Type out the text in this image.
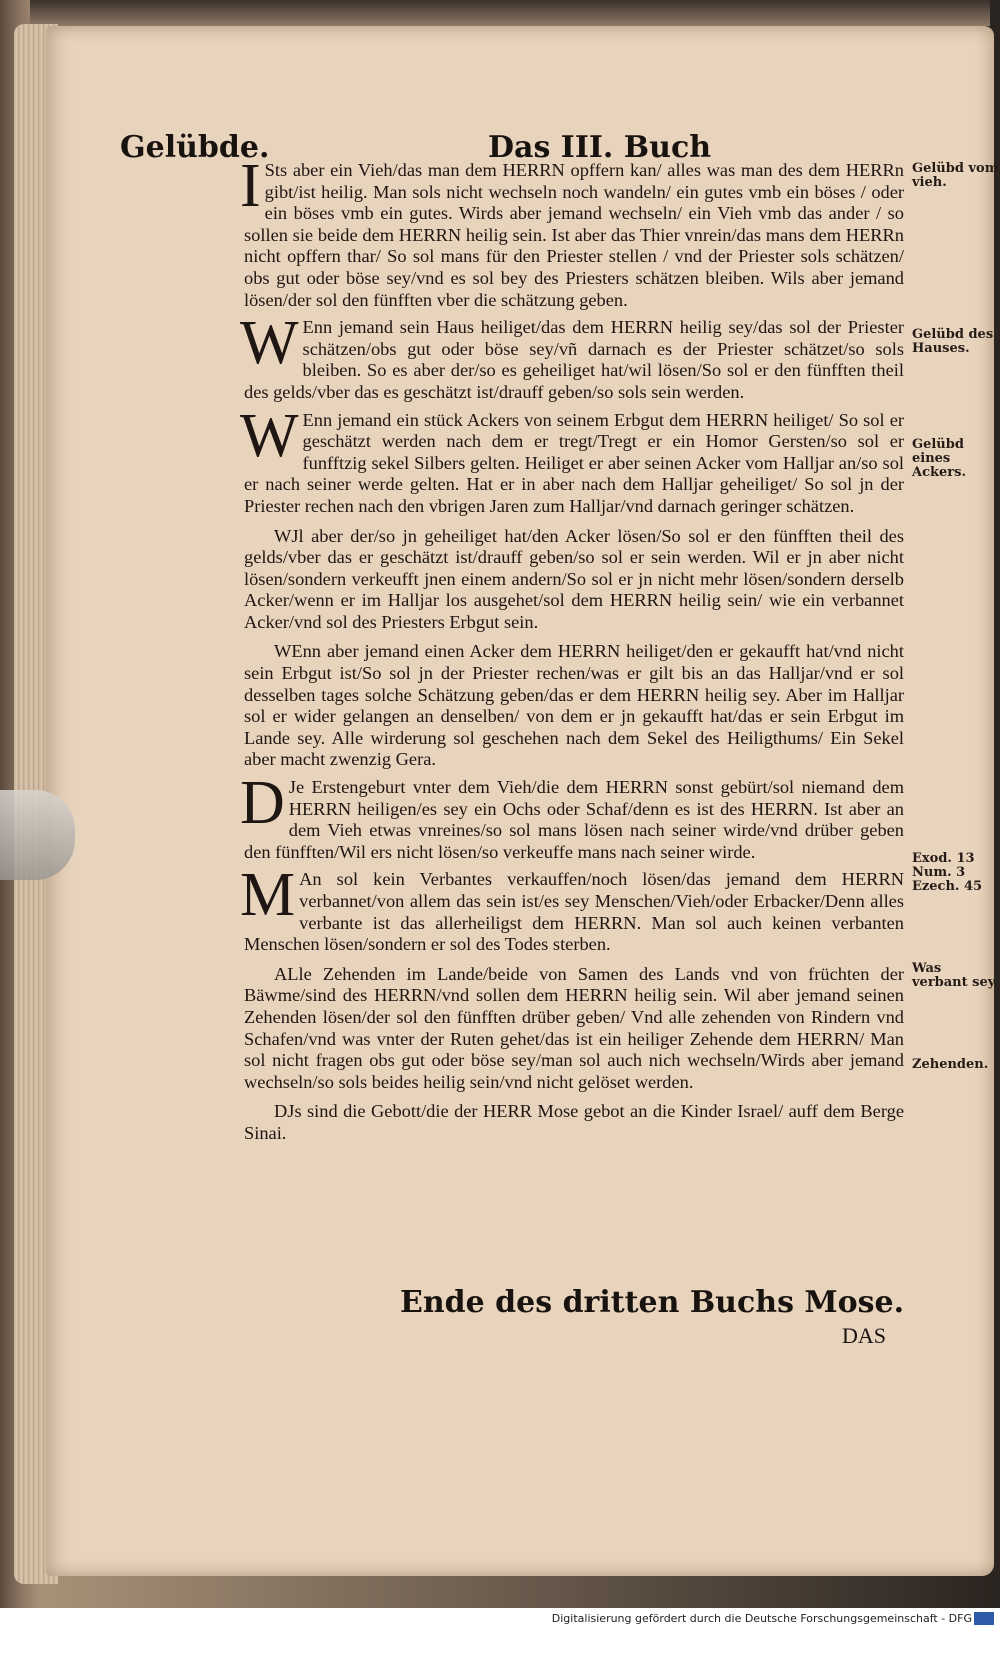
Gelübde.	Das III. Buch

I Sts aber ein Vieh/das man dem HERRN opffern kan/ alles was man des dem HERRn gibt/ist heilig. Man sols nicht wechseln noch wandeln/ ein gutes vmb ein böses / oder ein böses vmb ein gutes. Wirds aber jemand wechseln/ ein Vieh vmb das ander / so sollen sie beide dem HERRN heilig sein. Ist aber das Thier vnrein/das mans dem HERRn nicht opffern thar/ So sol mans für den Priester stellen / vnd der Priester sols schätzen/ obs gut oder böse sey/vnd es sol bey des Priesters schätzen bleiben. Wils aber jemand lösen/der sol den fünfften vber die schätzung geben.

W Enn jemand sein Haus heiliget/das dem HERRN heilig sey/das sol der Priester schätzen/obs gut oder böse sey/vñ darnach es der Priester schätzet/so sols bleiben. So es aber der/so es geheiliget hat/wil lösen/So sol er den fünfften theil des gelds/vber das es geschätzt ist/drauff geben/so sols sein werden.

W Enn jemand ein stück Ackers von seinem Erbgut dem HERRN heiliget/ So sol er geschätzt werden nach dem er tregt/Tregt er ein Homor Gersten/so sol er funfftzig sekel Silbers gelten. Heiliget er aber seinen Acker vom Halljar an/so sol er nach seiner werde gelten. Hat er in aber nach dem Halljar geheiliget/ So sol jn der Priester rechen nach den vbrigen Jaren zum Halljar/vnd darnach geringer schätzen.

WJl aber der/so jn geheiliget hat/den Acker lösen/So sol er den fünfften theil des gelds/vber das er geschätzt ist/drauff geben/so sol er sein werden. Wil er jn aber nicht lösen/sondern verkeufft jnen einem andern/So sol er jn nicht mehr lösen/sondern derselb Acker/wenn er im Halljar los ausgehet/sol dem HERRN heilig sein/ wie ein verbannet Acker/vnd sol des Priesters Erbgut sein.

WEnn aber jemand einen Acker dem HERRN heiliget/den er gekaufft hat/vnd nicht sein Erbgut ist/So sol jn der Priester rechen/was er gilt bis an das Halljar/vnd er sol desselben tages solche Schätzung geben/das er dem HERRN heilig sey. Aber im Halljar sol er wider gelangen an denselben/ von dem er jn gekaufft hat/das er sein Erbgut im Lande sey. Alle wirderung sol geschehen nach dem Sekel des Heiligthums/ Ein Sekel aber macht zwenzig Gera.

D Je Erstengeburt vnter dem Vieh/die dem HERRN sonst gebürt/sol niemand dem HERRN heiligen/es sey ein Ochs oder Schaf/denn es ist des HERRN. Ist aber an dem Vieh etwas vnreines/so sol mans lösen nach seiner wirde/vnd drüber geben den fünfften/Wil ers nicht lösen/so verkeuffe mans nach seiner wirde.

M An sol kein Verbantes verkauffen/noch lösen/das jemand dem HERRN verbannet/von allem das sein ist/es sey Menschen/Vieh/oder Erbacker/Denn alles verbante ist das allerheiligst dem HERRN. Man sol auch keinen verbanten Menschen lösen/sondern er sol des Todes sterben.

ALle Zehenden im Lande/beide von Samen des Lands vnd von früchten der Bäwme/sind des HERRN/vnd sollen dem HERRN heilig sein. Wil aber jemand seinen Zehenden lösen/der sol den fünfften drüber geben/ Vnd alle zehenden von Rindern vnd Schafen/vnd was vnter der Ruten gehet/das ist ein heiliger Zehende dem HERRN/ Man sol nicht fragen obs gut oder böse sey/man sol auch nich wechseln/Wirds aber jemand wechseln/so sols beides heilig sein/vnd nicht gelöset werden.

DJs sind die Gebott/die der HERR Mose gebot an die Kinder Israel/ auff dem Berge Sinai.

Gelübd vom vieh.
Gelübd des Hauses.
Gelübd eines Ackers.
Exod. 13 Num. 3 Ezech. 45
Was verbant sey.
Zehenden.
Ende des dritten Buchs Mose.
DAS
Digitalisierung gefördert durch die Deutsche Forschungsgemeinschaft - DFG
